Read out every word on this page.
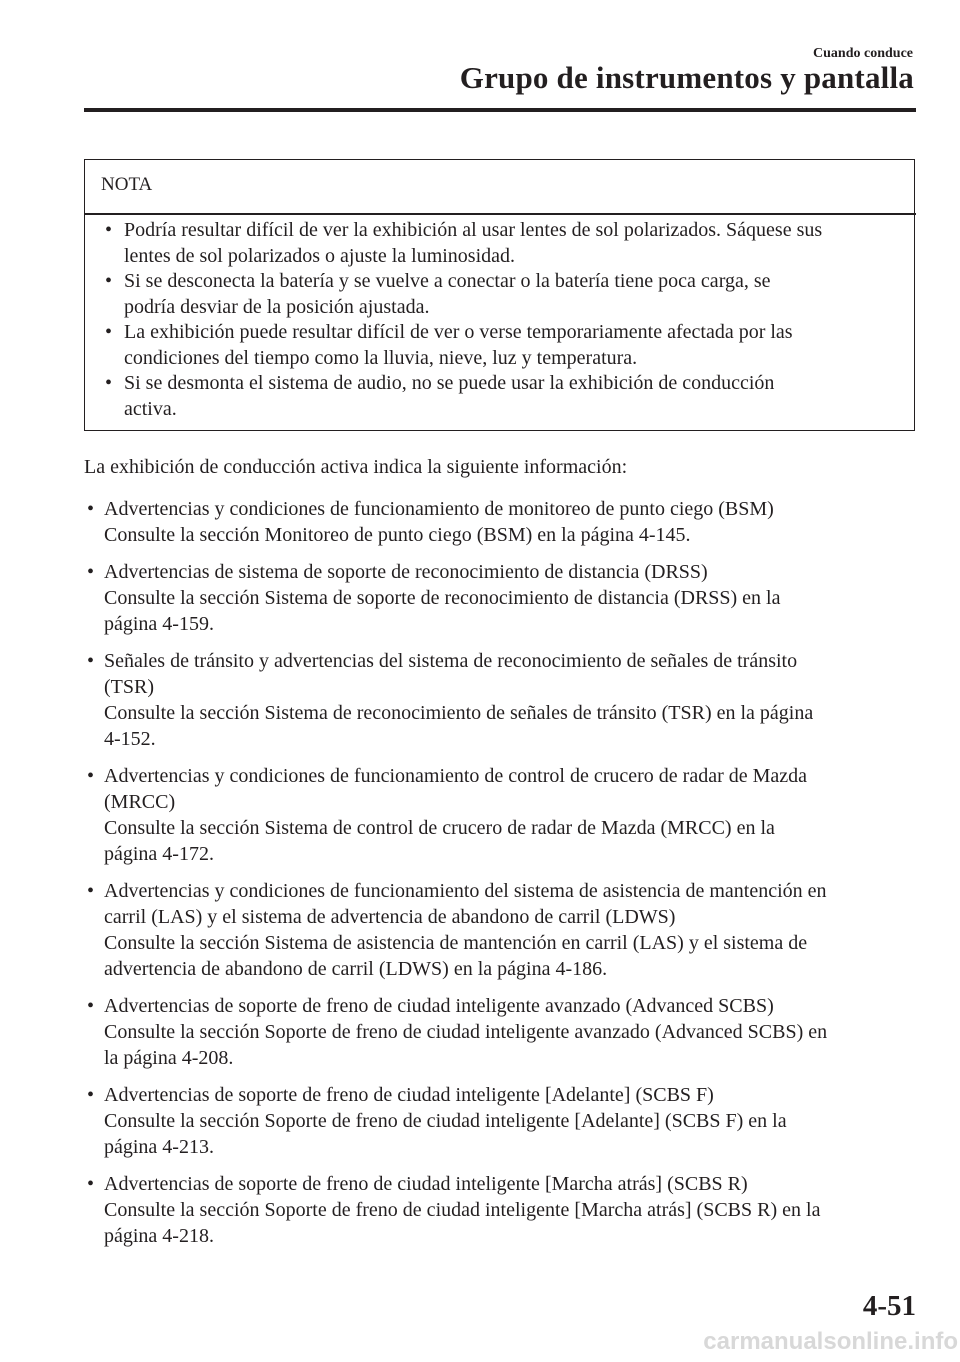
Cuando conduce
Grupo de instrumentos y pantalla
NOTA
• Podría resultar difícil de ver la exhibición al usar lentes de sol polarizados. Sáquese sus
lentes de sol polarizados o ajuste la luminosidad.
• Si se desconecta la batería y se vuelve a conectar o la batería tiene poca carga, se
podría desviar de la posición ajustada.
• La exhibición puede resultar difícil de ver o verse temporariamente afectada por las
condiciones del tiempo como la lluvia, nieve, luz y temperatura.
• Si se desmonta el sistema de audio, no se puede usar la exhibición de conducción
activa.
La exhibición de conducción activa indica la siguiente información:
• Advertencias y condiciones de funcionamiento de monitoreo de punto ciego (BSM)
Consulte la sección Monitoreo de punto ciego (BSM) en la página 4-145.
• Advertencias de sistema de soporte de reconocimiento de distancia (DRSS)
Consulte la sección Sistema de soporte de reconocimiento de distancia (DRSS) en la
página 4-159.
• Señales de tránsito y advertencias del sistema de reconocimiento de señales de tránsito
(TSR)
Consulte la sección Sistema de reconocimiento de señales de tránsito (TSR) en la página
4-152.
• Advertencias y condiciones de funcionamiento de control de crucero de radar de Mazda
(MRCC)
Consulte la sección Sistema de control de crucero de radar de Mazda (MRCC) en la
página 4-172.
• Advertencias y condiciones de funcionamiento del sistema de asistencia de mantención en
carril (LAS) y el sistema de advertencia de abandono de carril (LDWS)
Consulte la sección Sistema de asistencia de mantención en carril (LAS) y el sistema de
advertencia de abandono de carril (LDWS) en la página 4-186.
• Advertencias de soporte de freno de ciudad inteligente avanzado (Advanced SCBS)
Consulte la sección Soporte de freno de ciudad inteligente avanzado (Advanced SCBS) en
la página 4-208.
• Advertencias de soporte de freno de ciudad inteligente [Adelante] (SCBS F)
Consulte la sección Soporte de freno de ciudad inteligente [Adelante] (SCBS F) en la
página 4-213.
• Advertencias de soporte de freno de ciudad inteligente [Marcha atrás] (SCBS R)
Consulte la sección Soporte de freno de ciudad inteligente [Marcha atrás] (SCBS R) en la
página 4-218.
4-51
carmanualsonline.info
